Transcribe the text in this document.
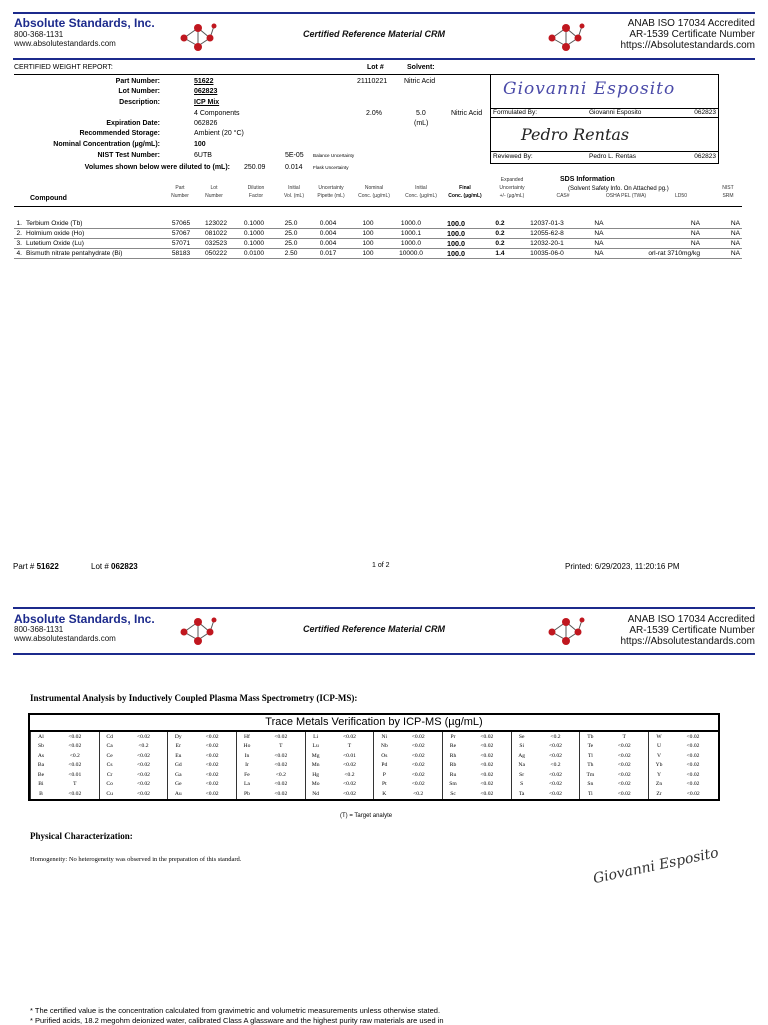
Absolute Standards, Inc.
800-368-1131
www.absolutestandards.com
Certified Reference Material CRM
ANAB ISO 17034 Accredited
AR-1539 Certificate Number
https://Absolutestandards.com
CERTIFIED WEIGHT REPORT:	Lot #	Solvent:
Part Number:	51622	21110221 Nitric Acid
Lot Number:	062823
Description:	ICP Mix
4 Components	2.0%	5.0
(mL)
Nitric Acid
Expiration Date:	062826
Recommended Storage:	Ambient (20 °C)
Nominal Concentration (µg/mL):	100
NIST Test Number:	6UTB	5E-05 Balance Uncertainty
Volumes shown below were diluted to (mL): 250.09	0.014 Flask Uncertainty
Giovanni Esposito
Formulated By:	Giovanni Esposito	062823
Pedro Rentas
Reviewed By:	Pedro L. Rentas	062823
SDS Information
(Solvent Safety Info. On Attached pg.)
Part
Number
Lot
Number
Dilution
Factor
Initial
Vol. (mL)
Uncertainty
Pipette (mL)
Nominal
Conc. (µg/mL)
Initial
Conc. (µg/mL)
Final
Conc. (µg/mL)
Expanded
Uncertainty
+/- (µg/mL)	CAS#	OSHA PEL (TWA)	LD50
NIST
SRM
Compound
1.	Terbium Oxide (Tb)	57065	123022	0.1000	25.0	0.004	100	1000.0	100.0	0.2	12037-01-3	NA	NA	NA
2.	Holmium oxide (Ho)	57067	081022	0.1000	25.0	0.004	100	1000.1	100.0	0.2	12055-62-8	NA	NA	NA
3.	Lutetium Oxide (Lu)	57071	032523	0.1000	25.0	0.004	100	1000.0	100.0	0.2	12032-20-1	NA	NA	NA
4.	Bismuth nitrate pentahydrate (Bi)	58183	050222	0.0100	2.50	0.017	100	10000.0	100.0	1.4	10035-06-0	NA	orl-rat 3710mg/kg	NA
Part # 51622	Lot # 062823	1 of 2	Printed: 6/29/2023, 11:20:16 PM
Absolute Standards, Inc.
800-368-1131
www.absolutestandards.com
Certified Reference Material CRM
ANAB ISO 17034 Accredited
AR-1539 Certificate Number
https://Absolutestandards.com
Instrumental Analysis by Inductively Coupled Plasma Mass Spectrometry (ICP-MS):
Trace Metals Verification by ICP-MS (µg/mL)
Al	<0.02	Cd	<0.02	Dy	<0.02	Hf	<0.02	Li	<0.02	Ni	<0.02	Pr	<0.02	Se	<0.2	Tb	T	W	<0.02
Sb	<0.02	Ca	<0.2	Er	<0.02	Ho	T	Lu	T	Nb	<0.02	Re	<0.02	Si	<0.02	Te	<0.02	U	<0.02
As	<0.2	Ce	<0.02	Eu	<0.02	In	<0.02	Mg	<0.01	Os	<0.02	Rh	<0.02	Ag	<0.02	Tl	<0.02	V	<0.02
Ba	<0.02	Cs	<0.02	Gd	<0.02	Ir	<0.02	Mn	<0.02	Pd	<0.02	Rb	<0.02	Na	<0.2	Th	<0.02	Yb	<0.02
Be	<0.01	Cr	<0.02	Ga	<0.02	Fe	<0.2	Hg	<0.2	P	<0.02	Ru	<0.02	Sr	<0.02	Tm	<0.02	Y	<0.02
Bi	T	Co	<0.02	Ge	<0.02	La	<0.02	Mo	<0.02	Pt	<0.02	Sm	<0.02	S	<0.02	Sn	<0.02	Zn	<0.02
B	<0.02	Cu	<0.02	Au	<0.02	Pb	<0.02	Nd	<0.02	K	<0.2	Sc	<0.02	Ta	<0.02	Ti	<0.02	Zr	<0.02
(T) = Target analyte
Physical Characterization:
Homogeneity: No heterogeneity was observed in the preparation of this standard.	Giovanni Esposito
* The certified value is the concentration calculated from gravimetric and volumetric measurements unless otherwise stated.
* Purified acids, 18.2 megohm deionized water, calibrated Class A glassware and the highest purity raw materials are used in
